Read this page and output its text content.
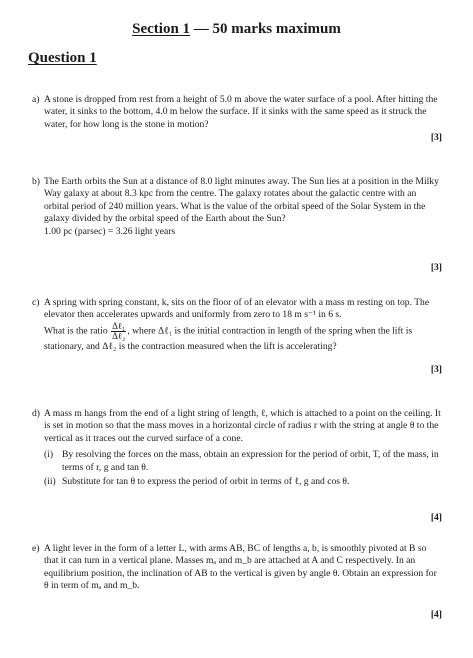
Section 1 — 50 marks maximum
Question 1
a) A stone is dropped from rest from a height of 5.0 m above the water surface of a pool. After hitting the water, it sinks to the bottom, 4.0 m below the surface. If it sinks with the same speed as it struck the water, for how long is the stone in motion?
[3]
b) The Earth orbits the Sun at a distance of 8.0 light minutes away. The Sun lies at a position in the Milky Way galaxy at about 8.3 kpc from the centre. The galaxy rotates about the galactic centre with an orbital period of 240 million years. What is the value of the orbital speed of the Solar System in the galaxy divided by the orbital speed of the Earth about the Sun?
1.00 pc (parsec) = 3.26 light years
[3]
c) A spring with spring constant, k, sits on the floor of of an elevator with a mass m resting on top. The elevator then accelerates upwards and uniformly from zero to 18 m s⁻¹ in 6 s.
What is the ratio $\frac{\text{Δℓ₁}}{\text{Δℓ₂}}$ , where Δℓ₁ is the initial contraction in length of the spring when the lift is stationary, and Δℓ₂ is the contraction measured when the lift is accelerating?
[3]
d) A mass m hangs from the end of a light string of length, ℓ, which is attached to a point on the ceiling. It is set in motion so that the mass moves in a horizontal circle of radius r with the string at angle θ to the vertical as it traces out the curved surface of a cone.
(i) By resolving the forces on the mass, obtain an expression for the period of orbit, T, of the mass, in terms of r, g and tan θ.
(ii) Substitute for tan θ to express the period of orbit in terms of ℓ, g and cos θ.
[4]
e) A light lever in the form of a letter L, with arms AB, BC of lengths a, b, is smoothly pivoted at B so that it can turn in a vertical plane. Masses mₐ and m_b are attached at A and C respectively. In an equilibrium position, the inclination of AB to the vertical is given by angle θ. Obtain an expression for θ in term of mₐ and m_b.
[4]
